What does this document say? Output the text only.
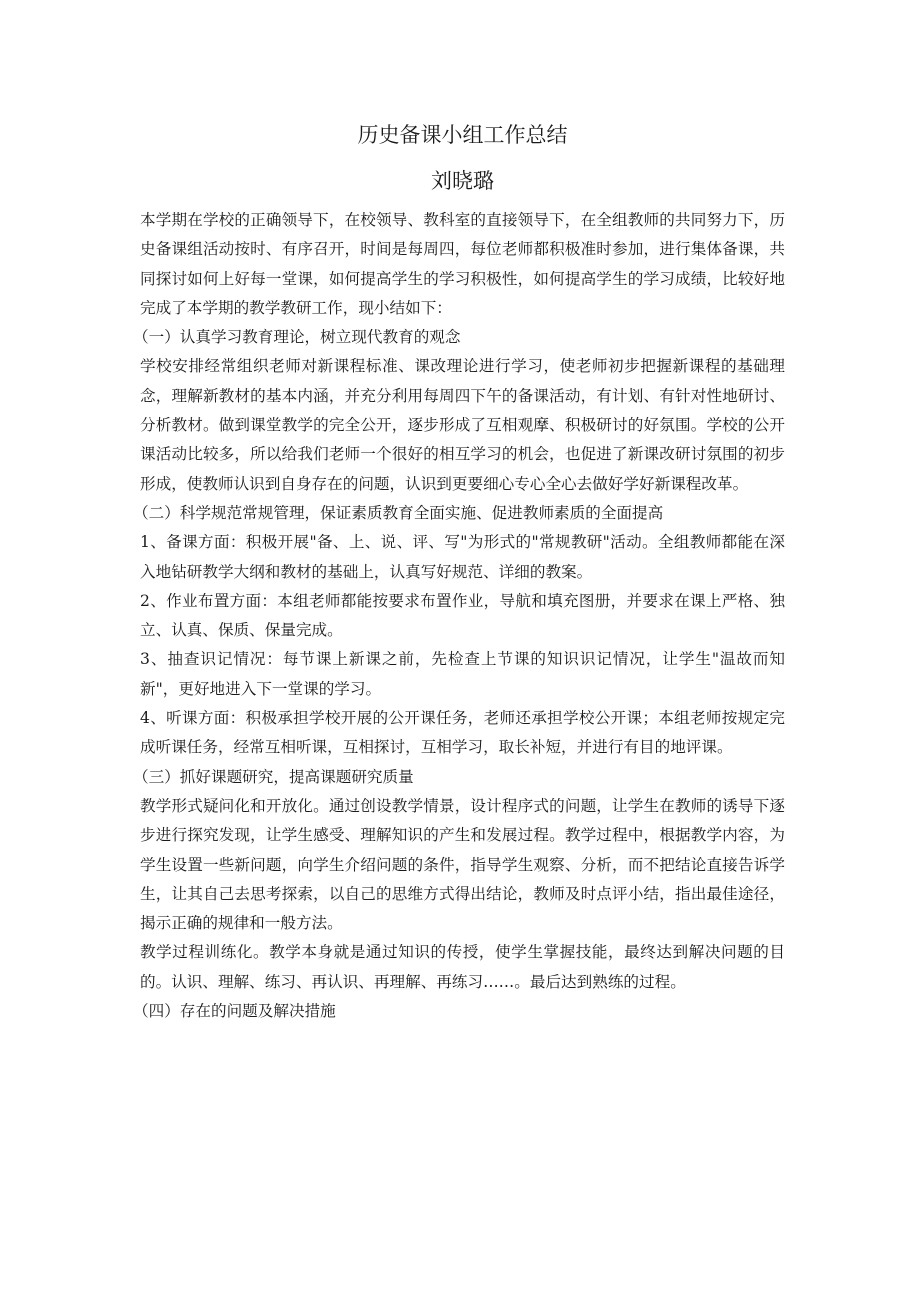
历史备课小组工作总结
刘晓璐

本学期在学校的正确领导下，在校领导、教科室的直接领导下，在全组教师的共同努力下，历史备课组活动按时、有序召开，时间是每周四，每位老师都积极准时参加，进行集体备课，共同探讨如何上好每一堂课，如何提高学生的学习积极性，如何提高学生的学习成绩，比较好地完成了本学期的教学教研工作，现小结如下：

（一）认真学习教育理论，树立现代教育的观念

学校安排经常组织老师对新课程标准、课改理论进行学习，使老师初步把握新课程的基础理念，理解新教材的基本内涵，并充分利用每周四下午的备课活动，有计划、有针对性地研讨、分析教材。做到课堂教学的完全公开，逐步形成了互相观摩、积极研讨的好氛围。学校的公开课活动比较多，所以给我们老师一个很好的相互学习的机会，也促进了新课改研讨氛围的初步形成，使教师认识到自身存在的问题，认识到更要细心专心全心去做好学好新课程改革。

（二）科学规范常规管理，保证素质教育全面实施、促进教师素质的全面提高

1、备课方面：积极开展"备、上、说、评、写"为形式的"常规教研"活动。全组教师都能在深入地钻研教学大纲和教材的基础上，认真写好规范、详细的教案。

2、作业布置方面：本组老师都能按要求布置作业，导航和填充图册，并要求在课上严格、独立、认真、保质、保量完成。

3、抽查识记情况：每节课上新课之前，先检查上节课的知识识记情况，让学生"温故而知新"，更好地进入下一堂课的学习。

4、听课方面：积极承担学校开展的公开课任务，老师还承担学校公开课；本组老师按规定完成听课任务，经常互相听课，互相探讨，互相学习，取长补短，并进行有目的地评课。

（三）抓好课题研究，提高课题研究质量

教学形式疑问化和开放化。通过创设教学情景，设计程序式的问题，让学生在教师的诱导下逐步进行探究发现，让学生感受、理解知识的产生和发展过程。教学过程中，根据教学内容，为学生设置一些新问题，向学生介绍问题的条件，指导学生观察、分析，而不把结论直接告诉学生，让其自己去思考探索，以自己的思维方式得出结论，教师及时点评小结，指出最佳途径，揭示正确的规律和一般方法。

教学过程训练化。教学本身就是通过知识的传授，使学生掌握技能，最终达到解决问题的目的。认识、理解、练习、再认识、再理解、再练习……。最后达到熟练的过程。

（四）存在的问题及解决措施
